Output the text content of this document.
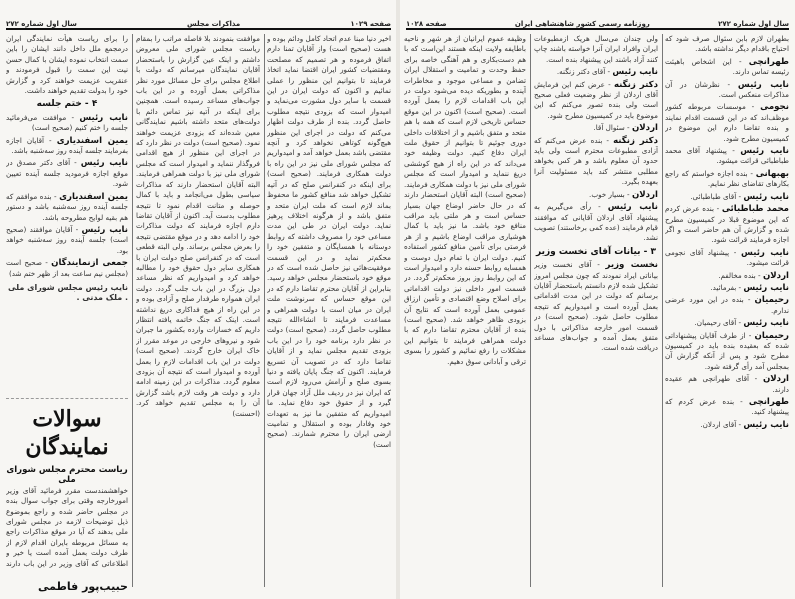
صفحه ۱۰۲۹
مذاکرات مجلس
سال اول شماره ۲۷۲

اخیر دنیا مبنا عدم اتحاد کامل ودائم بوده و هست (صحیح است) واز آقایان تمنا دارم اتفاق فرموده و هر تصمیم که مصلحت ومقتضیات کشور ایران اقتضا نماید اتخاذ فرمایند تا بتوانیم این منظور را عملی نمائیم و اکنون که دولت ایران در این قسمت با سایر دول مشورت می‌نماید و امیدوار است که بزودی نتیجه مطلوب حاصل گردد. بنده از طرف دولت اظهار می‌کنم که دولت در اجرای این منظور هیچ‌گونه کوتاهی نخواهد کرد و آنچه مقتضی باشد بعمل خواهد آمد و امیدواریم که مجلس شورای ملی نیز در این راه با دولت همکاری فرمایند. (صحیح است) برای اینکه در کنفرانس صلح که در آتیه تشکیل خواهد شد منافع کشور ما محفوظ بماند لازم است که ملت ایران متحد و متفق باشد و از هرگونه اختلاف پرهیز نماید. دولت ایران در طی این مدت مساعی خود را مصروف داشته که روابط دوستانه با همسایگان و متفقین خود را محکم‌تر نماید و در این قسمت موفقیت‌هائی نیز حاصل شده است که در موقع خود باستحضار مجلس خواهد رسید. بنابراین از آقایان محترم تقاضا دارم که در این موقع حساس که سرنوشت ملت ایران در میان است با دولت همراهی و مساعدت فرمایند تا انشاءالله نتیجه مطلوب حاصل گردد. (صحیح است) دولت در نظر دارد برنامه خود را در این باب بزودی تقدیم مجلس نماید و از آقایان تقاضا دارد که در تصویب آن تسریع فرمایند. اکنون که جنگ پایان یافته و دنیا بسوی صلح و آرامش می‌رود لازم است که ایران نیز در ردیف ملل آزاد جهان قرار گیرد و از حقوق خود دفاع نماید. ما امیدواریم که متفقین ما نیز به تعهدات خود وفادار بوده و استقلال و تمامیت ارضی ایران را محترم شمارند. (صحیح است)

موافقت بنمودند بلا فاصله مراتب را بمقام ریاست مجلس شورای ملی معروض داشتم و اینک عین گزارش را باستحضار آقایان نمایندگان میرسانم که دولت با اطلاع مجلس برای حل مسائل مورد نظر مذاکراتی بعمل آورده و در این باب جواب‌های مساعد رسیده است. همچنین برای اینکه در آتیه نیز تماس دائم با دولت‌های متحد داشته باشیم نمایندگانی معین شده‌اند که بزودی عزیمت خواهند نمود. (صحیح است) دولت در نظر دارد که در اجرای این منظور از هیچ اقدامی فروگذار ننماید و امیدوار است که مجلس شورای ملی نیز با دولت همراهی فرمایند. البته آقایان استحضار دارند که مذاکرات سیاسی بطول می‌انجامد و باید با کمال حوصله و متانت اقدام نمود تا نتیجه مطلوب بدست آید. اکنون از آقایان تقاضا دارم اجازه فرمایند که دولت مذاکرات خود را ادامه دهد و در موقع مقتضی نتیجه را بعرض مجلس برساند. ولی البته قطعی است که در کنفرانس صلح دولت ایران با همکاری سایر دول حقوق خود را مطالبه خواهد کرد و امیدواریم که نظر مساعد دول بزرگ در این باب جلب گردد. دولت ایران همواره طرفدار صلح و آزادی بوده و در این راه از هیچ فداکاری دریغ نداشته است. اینک که جنگ خاتمه یافته انتظار داریم که خسارات وارده بکشور ما جبران شود و نیروهای خارجی در موعد مقرر از خاک ایران خارج گردند. (صحیح است) دولت در این باب اقدامات لازم را بعمل آورده و امیدوار است که نتیجه آن بزودی معلوم گردد. مذاکرات در این زمینه ادامه دارد و دولت هر وقت لازم باشد گزارش آن را به مجلس تقدیم خواهد کرد. (احسنت)

را برای ریاست هیأت نمایندگی ایران درمجمع ملل داخل دانند ایشان را باین سمت انتخاب نموده ایشان با کمال حسن نیت این سمت را قبول فرمودند و عنقریب عزیمت خواهند کرد و گزارش خود را بدولت تقدیم خواهند داشت.

۴ - ختم جلسه

نایب رئیس - موافقت می‌فرمائید جلسه را ختم کنیم (صحیح است)

یمین اسفندیاری - آقایان اجازه بفرمایند جلسه آینده روز سه‌شنبه باشد.

نایب رئیس - آقای دکتر مصدق در موقع اجازه فرمودید جلسه آینده تعیین شود.

یمین اسفندیاری - بنده موافقم که جلسه آینده روز سه‌شنبه باشد و دستور هم بقیه لوایح مطروحه باشد.

نایب رئیس - آقایان موافقند (صحیح است) جلسه آینده روز سه‌شنبه خواهد بود.

جمعی ازنمایندگان - صحیح است (مجلس نیم ساعت بعد از ظهر ختم شد)

نایب رئیس مجلس شورای ملی . ملک مدنی .
سوالات نمایندگان
ریاست محترم مجلس شورای ملی
خواهشمندست مقرر فرمائید آقای وزیر امورخارجه وقتی برای جواب سوال بنده در مجلس حاضر شده و راجع بموضوع ذیل توضیحات لازمه در مجلس شورای ملی بدهند که آیا در موقع مذاکرات راجع به مسائل مربوطه بایران اقدام لازم از طرف دولت بعمل آمده است یا خیر و اطلاعاتی که آقای وزیر در این باب دارند
حبیب‌پور فاطمی
سال اول شماره ۲۷۲
روزنامه رسمی کشور شاهنشاهی ایران
صفحه ۱۰۲۸

بطهران لازم بابن سئوال صرف شود که احتیاج باقدام دیگر نداشته باشد.

طهرانچی - این اشخاص باهیئت رئیسه تماس دارند.

نایب رئیس - نظرشان در آن مذاکرات منعکس است.

نجومی - موسسات مربوطه کشور موظف‌اند که در این قسمت اقدام نمایند و بنده تقاضا دارم این موضوع در کمیسیون مطرح شود.

نایب رئیس - پیشنهاد آقای محمد طباطبائی قرائت میشود.

بهبهانی - بنده اجازه خواستم که راجع بکارهای تقاضای نظر نمایم.

نایب رئیس - آقای طباطبائی.

محمد طباطبائی - بنده عرض کردم که این موضوع قبلا در کمیسیون مطرح شده و گزارش آن هم حاضر است و اگر اجازه فرمایند قرائت شود.

نایب رئیس - پیشنهاد آقای نجومی قرائت میشود.

اردلان - بنده مخالفم.

نایب رئیس - بفرمائید.

رحیمیان - بنده در این مورد عرضی ندارم.

نایب رئیس - آقای رحیمیان.

رحیمیان - از طرف آقایان پیشنهاداتی شده که بعقیده بنده باید در کمیسیون مطرح شود و پس از آنکه گزارش آن بمجلس آمد رأی گرفته شود.

اردلان - آقای طهرانچی هم عقیده دارند.

طهرانچی - بنده عرض کردم که پیشنهاد کنید.

نایب رئیس - آقای اردلان.

ولی چندان می‌سال هریک ازمطبوعات ایران وافراد ایران آنرا خواسته باشند چاپ کنند آزاد باشند این پیشنهاد بنده است.

نایب رئیس - آقای دکتر زنگنه.

دکتر زنگنه - عرض کنم این فرمایش آقای اردلان از نظر وضعیت فعلی صحیح است ولی بنده تصور می‌کنم که این موضوع باید در کمیسیون مطرح شود.

اردلان - سئوال آقا.

دکتر زنگنه - بنده عرض می‌کنم که آزادی مطبوعات محترم است ولی باید حدود آن معلوم باشد و هر کس بخواهد مطلبی منتشر کند باید مسئولیت آنرا بعهده بگیرد.

اردلان - بسیار خوب.

نایب رئیس - رأی می‌گیریم به پیشنهاد آقای اردلان آقایانی که موافقند قیام فرمایند (عده کمی برخاستند) تصویب نشد.

۳ - بیانات آقای نخست وزیر

نخست وزیر - آقای نخست وزیر بیاناتی ایراد نمودند که چون مجلس امروز تشکیل شده لازم دانستم باستحضار آقایان برسانم که دولت در این مدت اقداماتی بعمل آورده است و امیدواریم که نتیجه مطلوب حاصل شود. (صحیح است) در قسمت امور خارجه مذاکراتی با دول متفق بعمل آمده و جواب‌های مساعد دریافت شده است.

وظیفه عموم ایرانیان از هر شهر و ناحیه باطایفه ولایت اینکه هستند این‌است که با هم دست‌بکاری و هم آهنگی خاصه برای حفظ وحدت و تمامیت و استقلال ایران تضامن و مساعی موجود و مخاطرات آینده و بطوریکه دیده می‌شود دولت در این باب اقدامات لازم را بعمل آورده است. (صحیح است) اکنون در این موقع حساس تاریخی لازم است که همه با هم متحد و متفق باشیم و از اختلافات داخلی دوری جوئیم تا بتوانیم از حقوق ملت ایران دفاع کنیم. دولت وظیفه خود می‌داند که در این راه از هیچ کوششی دریغ ننماید و امیدوار است که مجلس شورای ملی نیز با دولت همکاری فرمایند. (صحیح است) البته آقایان استحضار دارند که در حال حاضر اوضاع جهان بسیار حساس است و هر ملتی باید مراقب منافع خود باشد. ما نیز باید با کمال هوشیاری مراقب اوضاع باشیم و از هر فرصتی برای تأمین منافع کشور استفاده کنیم. دولت ایران با تمام دول دوست و همسایه روابط حسنه دارد و امیدوار است که این روابط روز بروز محکم‌تر گردد. در قسمت امور داخلی نیز دولت اقداماتی برای اصلاح وضع اقتصادی و تأمین ارزاق عمومی بعمل آورده است که نتایج آن بزودی ظاهر خواهد شد. (صحیح است) بنده از آقایان محترم تقاضا دارم که با دولت همراهی فرمایند تا بتوانیم این مشکلات را رفع نمائیم و کشور را بسوی ترقی و آبادانی سوق دهیم.
